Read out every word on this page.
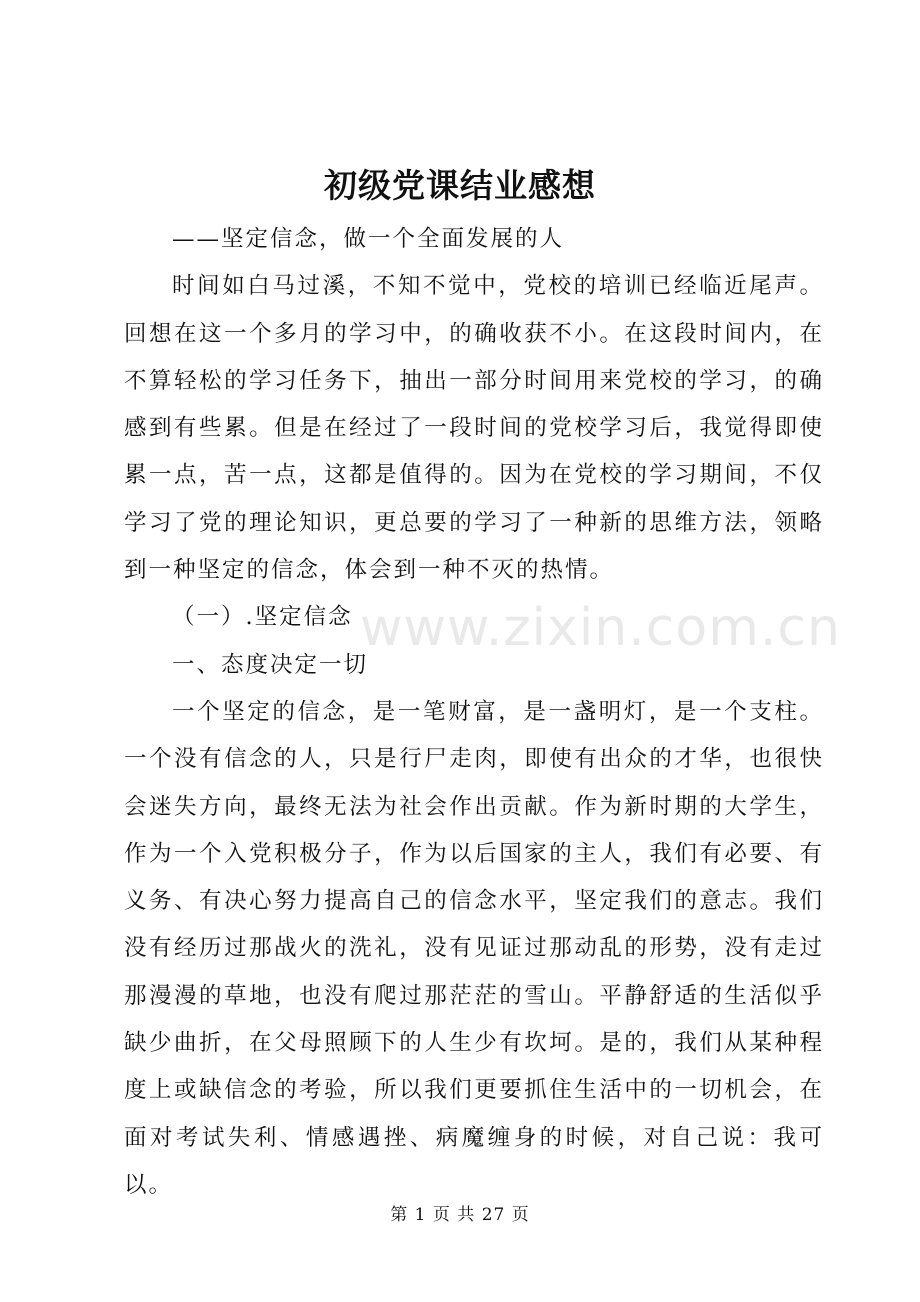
初级党课结业感想

——坚定信念，做一个全面发展的人

时间如白马过溪，不知不觉中，党校的培训已经临近尾声。回想在这一个多月的学习中，的确收获不小。在这段时间内，在不算轻松的学习任务下，抽出一部分时间用来党校的学习，的确感到有些累。但是在经过了一段时间的党校学习后，我觉得即使累一点，苦一点，这都是值得的。因为在党校的学习期间，不仅学习了党的理论知识，更总要的学习了一种新的思维方法，领略到一种坚定的信念，体会到一种不灭的热情。

（一）.坚定信念

一、态度决定一切

一个坚定的信念，是一笔财富，是一盏明灯，是一个支柱。一个没有信念的人，只是行尸走肉，即使有出众的才华，也很快会迷失方向，最终无法为社会作出贡献。作为新时期的大学生，作为一个入党积极分子，作为以后国家的主人，我们有必要、有义务、有决心努力提高自己的信念水平，坚定我们的意志。我们没有经历过那战火的洗礼，没有见证过那动乱的形势，没有走过那漫漫的草地，也没有爬过那茫茫的雪山。平静舒适的生活似乎缺少曲折，在父母照顾下的人生少有坎坷。是的，我们从某种程度上或缺信念的考验，所以我们更要抓住生活中的一切机会，在面对考试失利、情感遇挫、病魔缠身的时候，对自己说：我可以。

www.zixin.com.cn
第 1 页 共 27 页
